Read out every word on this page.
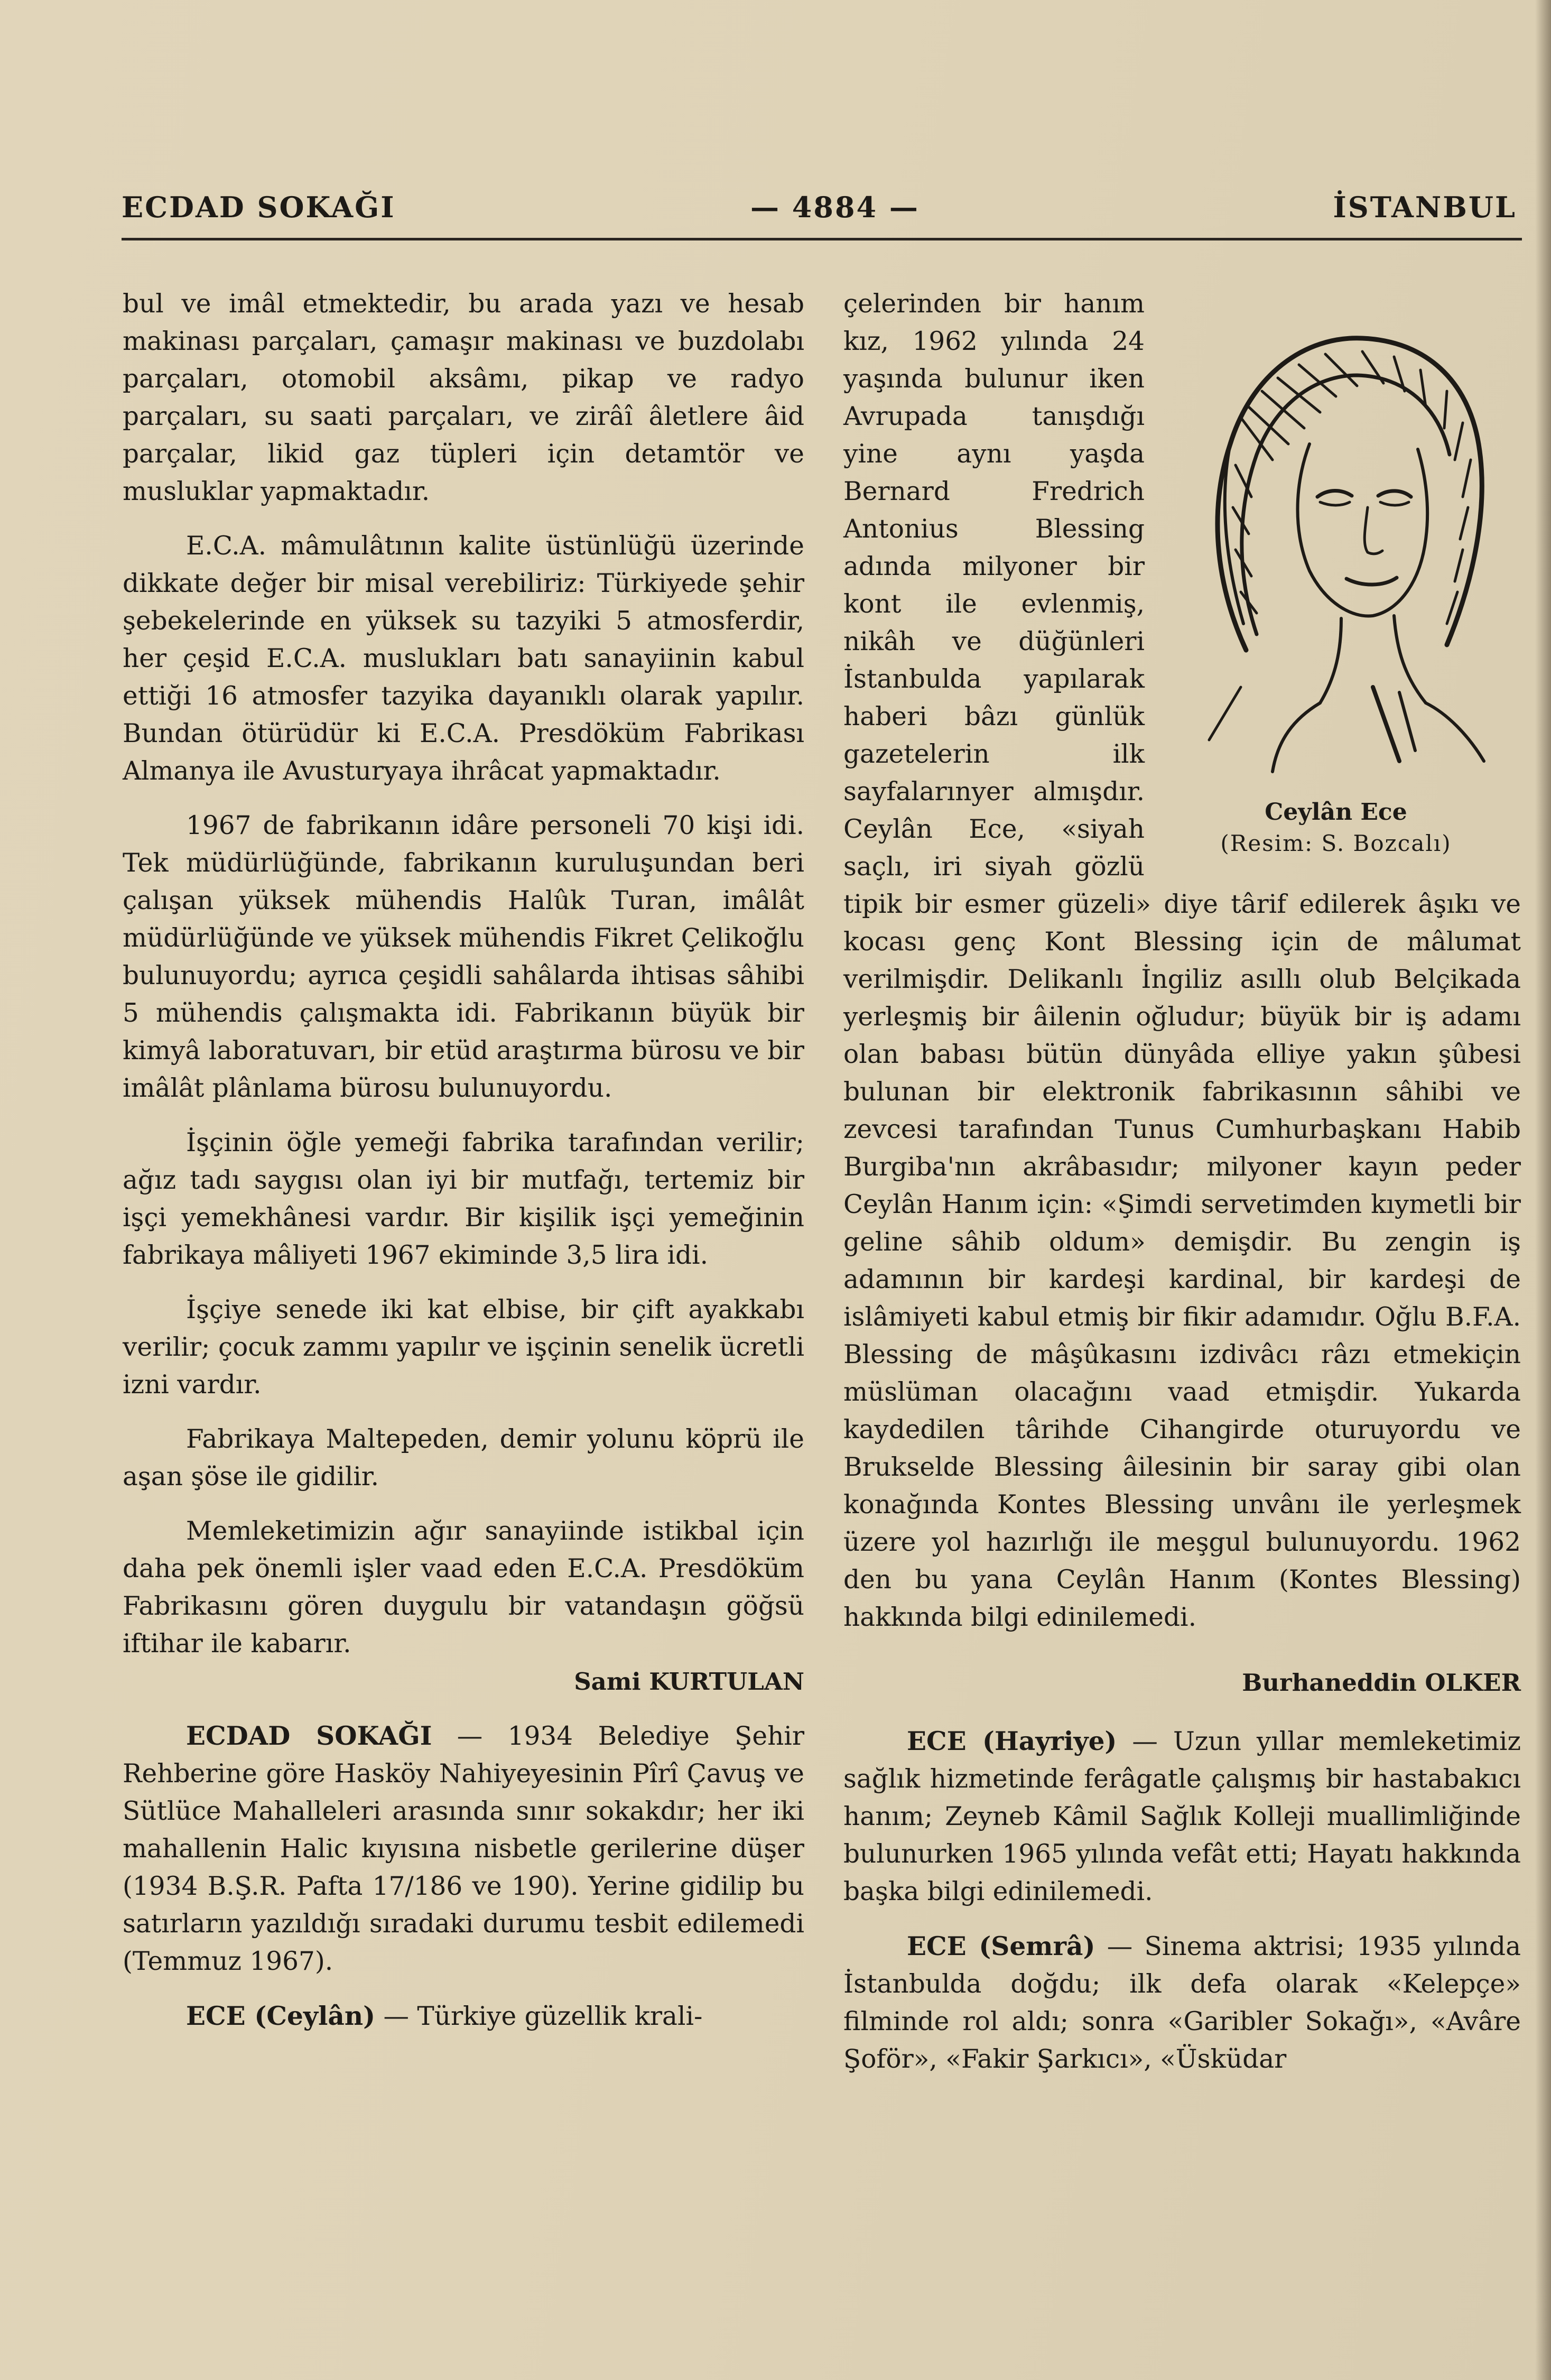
ECDAD SOKAĞI	— 4884 —	İSTANBUL

bul ve imâl etmektedir, bu arada yazı ve hesab makinası parçaları, çamaşır makinası ve buzdolabı parçaları, otomobil aksâmı, pikap ve radyo parçaları, su saati parçaları, ve zirâî âletlere âid parçalar, likid gaz tüpleri için detamtör ve musluklar yapmaktadır.

E.C.A. mâmulâtının kalite üstünlüğü üzerinde dikkate değer bir misal verebiliriz: Türkiyede şehir şebekelerinde en yüksek su tazyiki 5 atmosferdir, her çeşid E.C.A. muslukları batı sanayiinin kabul ettiği 16 atmosfer tazyika dayanıklı olarak yapılır. Bundan ötürüdür ki E.C.A. Presdöküm Fabrikası Almanya ile Avusturyaya ihrâcat yapmaktadır.

1967 de fabrikanın idâre personeli 70 kişi idi. Tek müdürlüğünde, fabrikanın kuruluşundan beri çalışan yüksek mühendis Halûk Turan, imâlât müdürlüğünde ve yüksek mühendis Fikret Çelikoğlu bulunuyordu; ayrıca çeşidli sahâlarda ihtisas sâhibi 5 mühendis çalışmakta idi. Fabrikanın büyük bir kimyâ laboratuvarı, bir etüd araştırma bürosu ve bir imâlât plânlama bürosu bulunuyordu.

İşçinin öğle yemeği fabrika tarafından verilir; ağız tadı saygısı olan iyi bir mutfağı, tertemiz bir işçi yemekhânesi vardır. Bir kişilik işçi yemeğinin fabrikaya mâliyeti 1967 ekiminde 3,5 lira idi.

İşçiye senede iki kat elbise, bir çift ayakkabı verilir; çocuk zammı yapılır ve işçinin senelik ücretli izni vardır.

Fabrikaya Maltepeden, demir yolunu köprü ile aşan şöse ile gidilir.

Memleketimizin ağır sanayiinde istikbal için daha pek önemli işler vaad eden E.C.A. Presdöküm Fabrikasını gören duygulu bir vatandaşın göğsü iftihar ile kabarır.

Sami KURTULAN

ECDAD SOKAĞI — 1934 Belediye Şehir Rehberine göre Hasköy Nahiyeyesinin Pîrî Çavuş ve Sütlüce Mahalleleri arasında sınır sokakdır; her iki mahallenin Halic kıyısına nisbetle gerilerine düşer (1934 B.Ş.R. Pafta 17/186 ve 190). Yerine gidilip bu satırların yazıldığı sıradaki durumu tesbit edilemedi (Temmuz 1967).

ECE (Ceylân) — Türkiye güzellik krali-

Ceylân Ece
(Resim: S. Bozcalı)

çelerinden bir hanım kız, 1962 yılında 24 yaşında bulunur iken Avrupada tanışdığı yine aynı yaşda Bernard Fredrich Antonius Blessing adında milyoner bir kont ile evlenmiş, nikâh ve düğünleri İstanbulda yapılarak haberi bâzı günlük gazetelerin ilk sayfalarınyer almışdır. Ceylân Ece, «siyah saçlı, iri siyah gözlü tipik bir esmer güzeli» diye târif edilerek âşıkı ve kocası genç Kont Blessing için de mâlumat verilmişdir. Delikanlı İngiliz asıllı olub Belçikada yerleşmiş bir âilenin oğludur; büyük bir iş adamı olan babası bütün dünyâda elliye yakın şûbesi bulunan bir elektronik fabrikasının sâhibi ve zevcesi tarafından Tunus Cumhurbaşkanı Habib Burgiba'nın akrâbasıdır; milyoner kayın peder Ceylân Hanım için: «Şimdi servetimden kıymetli bir geline sâhib oldum» demişdir. Bu zengin iş adamının bir kardeşi kardinal, bir kardeşi de islâmiyeti kabul etmiş bir fikir adamıdır. Oğlu B.F.A. Blessing de mâşûkasını izdivâcı râzı etmekiçin müslüman olacağını vaad etmişdir. Yukarda kaydedilen târihde Cihangirde oturuyordu ve Brukselde Blessing âilesinin bir saray gibi olan konağında Kontes Blessing unvânı ile yerleşmek üzere yol hazırlığı ile meşgul bulunuyordu. 1962 den bu yana Ceylân Hanım (Kontes Blessing) hakkında bilgi edinilemedi.

Burhaneddin OLKER

ECE (Hayriye) — Uzun yıllar memleketimiz sağlık hizmetinde ferâgatle çalışmış bir hastabakıcı hanım; Zeyneb Kâmil Sağlık Kolleji muallimliğinde bulunurken 1965 yılında vefât etti; Hayatı hakkında başka bilgi edinilemedi.

ECE (Semrâ) — Sinema aktrisi; 1935 yılında İstanbulda doğdu; ilk defa olarak «Kelepçe» filminde rol aldı; sonra «Garibler Sokağı», «Avâre Şoför», «Fakir Şarkıcı», «Üsküdar
